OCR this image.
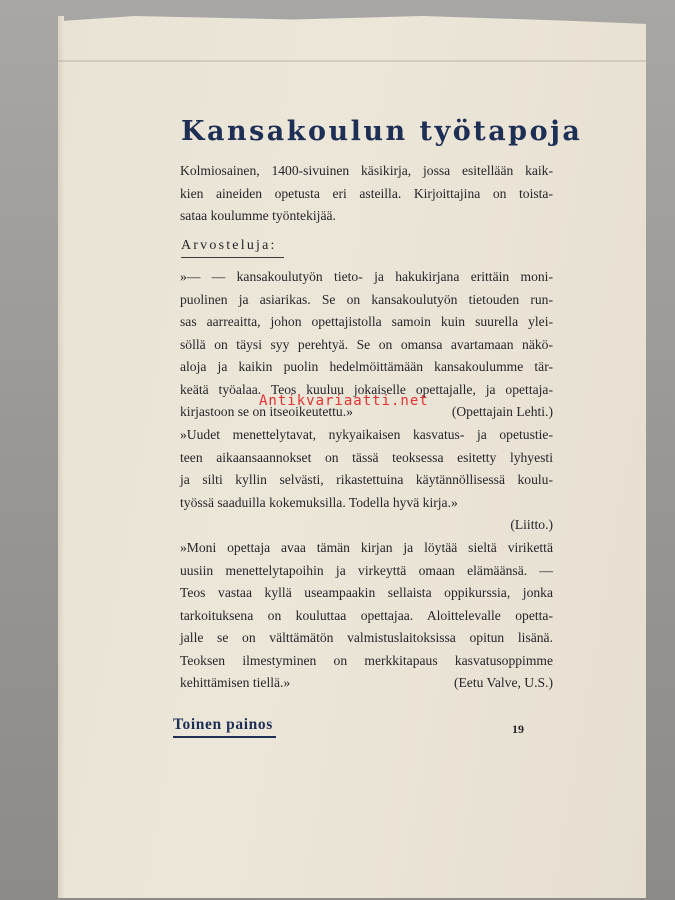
Kansakoulun työtapoja
Kolmiosainen, 1400-sivuinen käsikirja, jossa esitellään kaik-
kien aineiden opetusta eri asteilla. Kirjoittajina on toista-
sataa koulumme työntekijää.
Arvosteluja:
»— — kansakoulutyön tieto- ja hakukirjana erittäin moni-
puolinen ja asiarikas. Se on kansakoulutyön tietouden run-
sas aarreaitta, johon opettajistolla samoin kuin suurella ylei-
söllä on täysi syy perehtyä. Se on omansa avartamaan näkö-
aloja ja kaikin puolin hedelmöittämään kansakoulumme tär-
keätä työalaa. Teos kuuluu jokaiselle opettajalle, ja opettaja-
kirjastoon se on itseoikeutettu.»	(Opettajain Lehti.)
»Uudet menettelytavat, nykyaikaisen kasvatus- ja opetustie-
teen aikaansaannokset on tässä teoksessa esitetty lyhyesti
ja silti kyllin selvästi, rikastettuina käytännöllisessä koulu-
työssä saaduilla kokemuksilla. Todella hyvä kirja.»
(Liitto.)
»Moni opettaja avaa tämän kirjan ja löytää sieltä virikettä
uusiin menettelytapoihin ja virkeyttä omaan elämäänsä. —
Teos vastaa kyllä useampaakin sellaista oppikurssia, jonka
tarkoituksena on kouluttaa opettajaa. Aloittelevalle opetta-
jalle se on välttämätön valmistuslaitoksissa opitun lisänä.
Teoksen ilmestyminen on merkkitapaus kasvatusoppimme
kehittämisen tiellä.»	(Eetu Valve, U.S.)
Antikvariaatti.net
Toinen painos	19
